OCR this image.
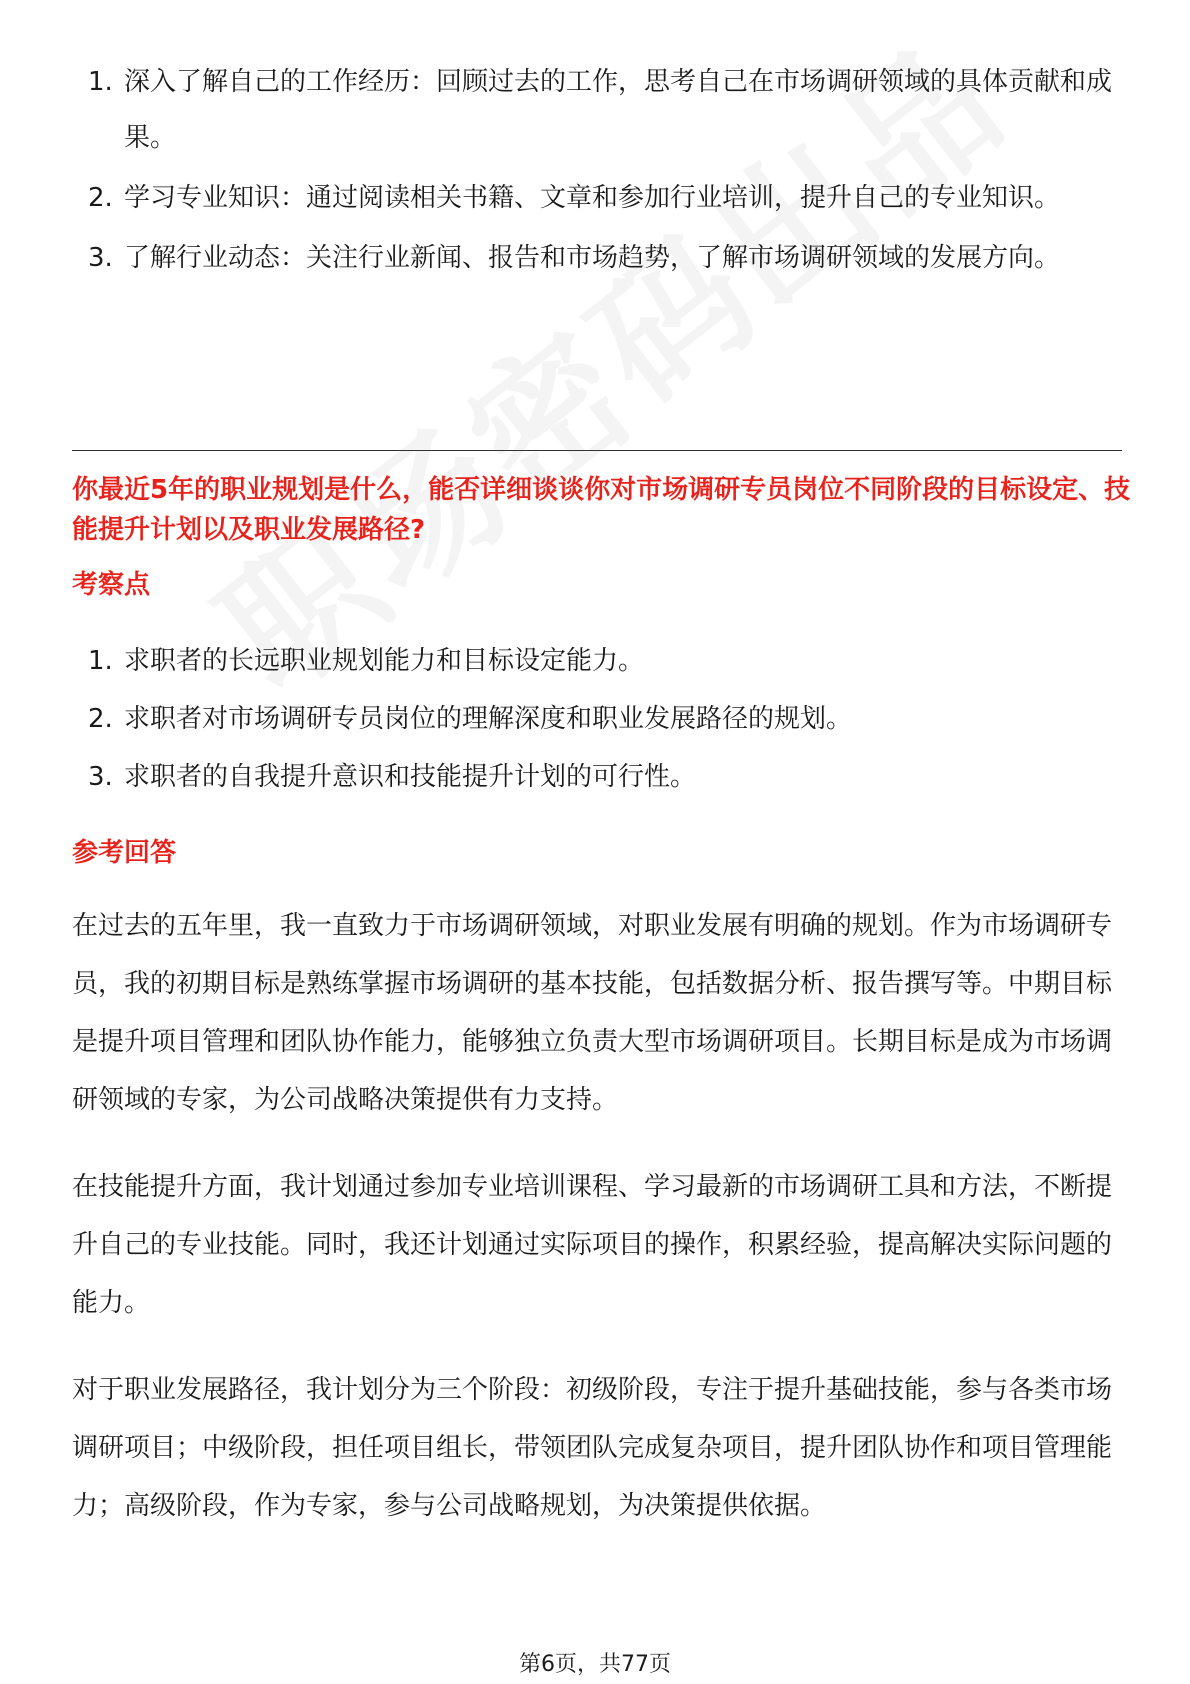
1. 深入了解自己的工作经历：回顾过去的工作，思考自己在市场调研领域的具体贡献和成果。
2. 学习专业知识：通过阅读相关书籍、文章和参加行业培训，提升自己的专业知识。
3. 了解行业动态：关注行业新闻、报告和市场趋势，了解市场调研领域的发展方向。
你最近5年的职业规划是什么，能否详细谈谈你对市场调研专员岗位不同阶段的目标设定、技能提升计划以及职业发展路径?
考察点
1. 求职者的长远职业规划能力和目标设定能力。
2. 求职者对市场调研专员岗位的理解深度和职业发展路径的规划。
3. 求职者的自我提升意识和技能提升计划的可行性。
参考回答

在过去的五年里，我一直致力于市场调研领域，对职业发展有明确的规划。作为市场调研专员，我的初期目标是熟练掌握市场调研的基本技能，包括数据分析、报告撰写等。中期目标是提升项目管理和团队协作能力，能够独立负责大型市场调研项目。长期目标是成为市场调研领域的专家，为公司战略决策提供有力支持。

在技能提升方面，我计划通过参加专业培训课程、学习最新的市场调研工具和方法，不断提升自己的专业技能。同时，我还计划通过实际项目的操作，积累经验，提高解决实际问题的能力。

对于职业发展路径，我计划分为三个阶段：初级阶段，专注于提升基础技能，参与各类市场调研项目；中级阶段，担任项目组长，带领团队完成复杂项目，提升团队协作和项目管理能力；高级阶段，作为专家，参与公司战略规划，为决策提供依据。

第6页，共77页
